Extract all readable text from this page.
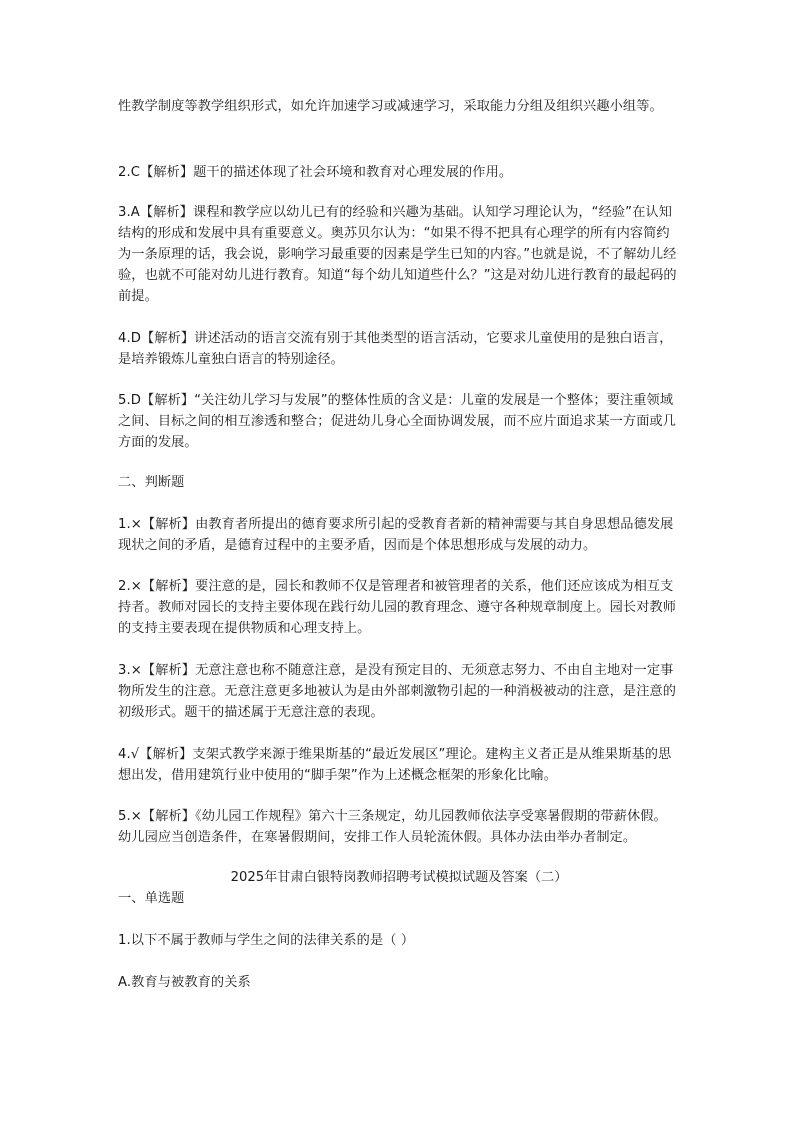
性教学制度等教学组织形式，如允许加速学习或减速学习，采取能力分组及组织兴趣小组等。

2.C【解析】题干的描述体现了社会环境和教育对心理发展的作用。

3.A【解析】课程和教学应以幼儿已有的经验和兴趣为基础。认知学习理论认为，“经验”在认知结构的形成和发展中具有重要意义。奥苏贝尔认为：“如果不得不把具有心理学的所有内容简约为一条原理的话，我会说，影响学习最重要的因素是学生已知的内容。”也就是说，不了解幼儿经验，也就不可能对幼儿进行教育。知道“每个幼儿知道些什么？”这是对幼儿进行教育的最起码的前提。

4.D【解析】讲述活动的语言交流有别于其他类型的语言活动，它要求儿童使用的是独白语言，是培养锻炼儿童独白语言的特别途径。

5.D【解析】“关注幼儿学习与发展”的整体性质的含义是：儿童的发展是一个整体；要注重领域之间、目标之间的相互渗透和整合；促进幼儿身心全面协调发展，而不应片面追求某一方面或几方面的发展。

二、判断题

1.×【解析】由教育者所提出的德育要求所引起的受教育者新的精神需要与其自身思想品德发展现状之间的矛盾，是德育过程中的主要矛盾，因而是个体思想形成与发展的动力。

2.×【解析】要注意的是，园长和教师不仅是管理者和被管理者的关系，他们还应该成为相互支持者。教师对园长的支持主要体现在践行幼儿园的教育理念、遵守各种规章制度上。园长对教师的支持主要表现在提供物质和心理支持上。

3.×【解析】无意注意也称不随意注意，是没有预定目的、无须意志努力、不由自主地对一定事物所发生的注意。无意注意更多地被认为是由外部刺激物引起的一种消极被动的注意，是注意的初级形式。题干的描述属于无意注意的表现。

4.√【解析】支架式教学来源于维果斯基的“最近发展区”理论。建构主义者正是从维果斯基的思想出发，借用建筑行业中使用的“脚手架”作为上述概念框架的形象化比喻。

5.×【解析】《幼儿园工作规程》第六十三条规定，幼儿园教师依法享受寒暑假期的带薪休假。幼儿园应当创造条件，在寒暑假期间，安排工作人员轮流休假。具体办法由举办者制定。

2025年甘肃白银特岗教师招聘考试模拟试题及答案（二）

一、单选题

1.以下不属于教师与学生之间的法律关系的是（ ）

A.教育与被教育的关系
